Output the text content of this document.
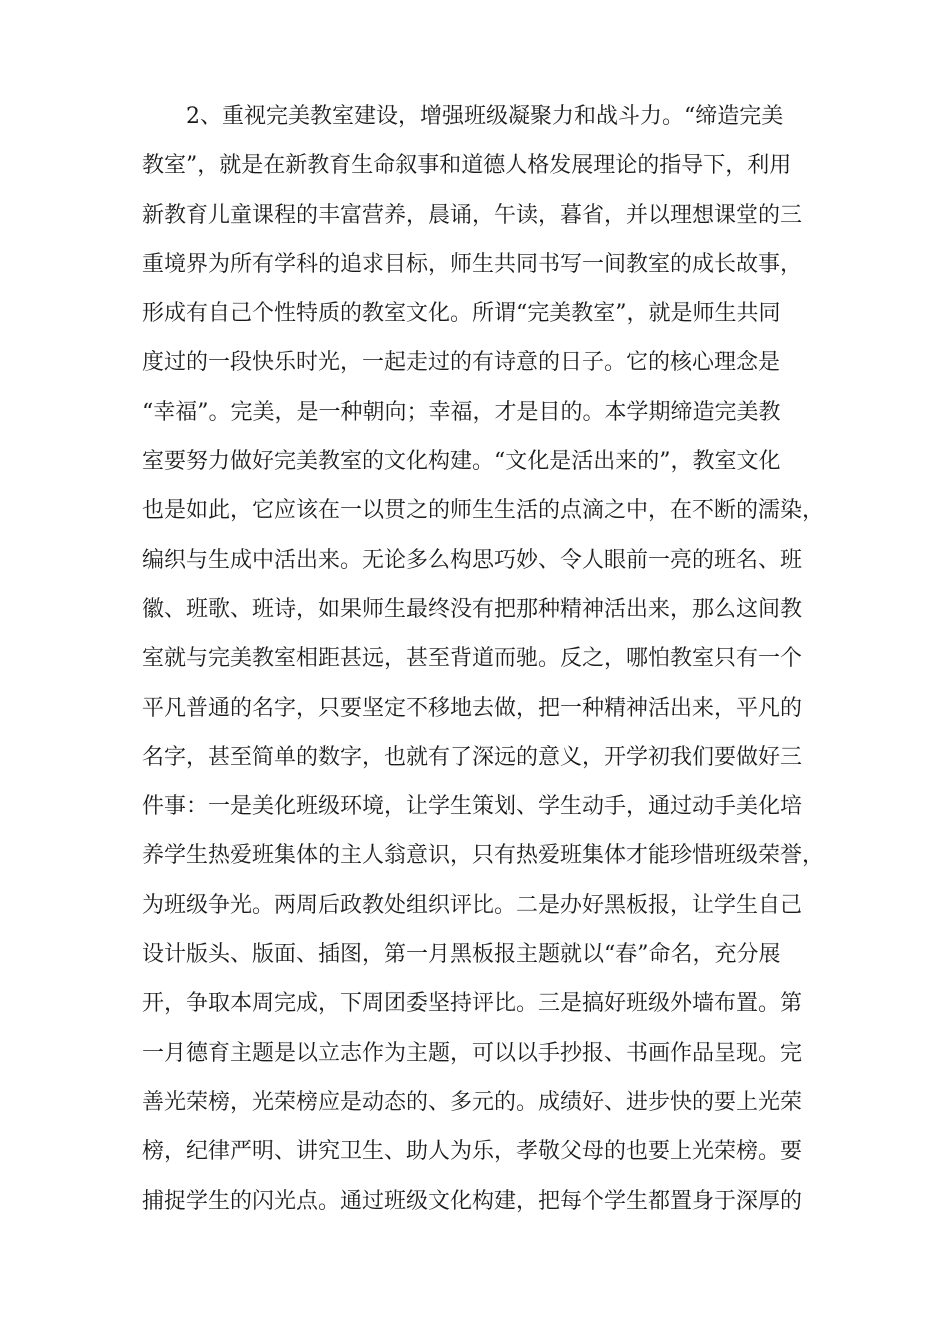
2、重视完美教室建设，增强班级凝聚力和战斗力。“缔造完美
教室”，就是在新教育生命叙事和道德人格发展理论的指导下，利用
新教育儿童课程的丰富营养，晨诵，午读，暮省，并以理想课堂的三
重境界为所有学科的追求目标，师生共同书写一间教室的成长故事，
形成有自己个性特质的教室文化。所谓“完美教室”，就是师生共同
度过的一段快乐时光，一起走过的有诗意的日子。它的核心理念是
“幸福”。完美，是一种朝向；幸福，才是目的。本学期缔造完美教
室要努力做好完美教室的文化构建。“文化是活出来的”，教室文化
也是如此，它应该在一以贯之的师生生活的点滴之中，在不断的濡染，
编织与生成中活出来。无论多么构思巧妙、令人眼前一亮的班名、班
徽、班歌、班诗，如果师生最终没有把那种精神活出来，那么这间教
室就与完美教室相距甚远，甚至背道而驰。反之，哪怕教室只有一个
平凡普通的名字，只要坚定不移地去做，把一种精神活出来，平凡的
名字，甚至简单的数字，也就有了深远的意义，开学初我们要做好三
件事：一是美化班级环境，让学生策划、学生动手，通过动手美化培
养学生热爱班集体的主人翁意识，只有热爱班集体才能珍惜班级荣誉，
为班级争光。两周后政教处组织评比。二是办好黑板报，让学生自己
设计版头、版面、插图，第一月黑板报主题就以“春”命名，充分展
开，争取本周完成，下周团委坚持评比。三是搞好班级外墙布置。第
一月德育主题是以立志作为主题，可以以手抄报、书画作品呈现。完
善光荣榜，光荣榜应是动态的、多元的。成绩好、进步快的要上光荣
榜，纪律严明、讲究卫生、助人为乐，孝敬父母的也要上光荣榜。要
捕捉学生的闪光点。通过班级文化构建，把每个学生都置身于深厚的
